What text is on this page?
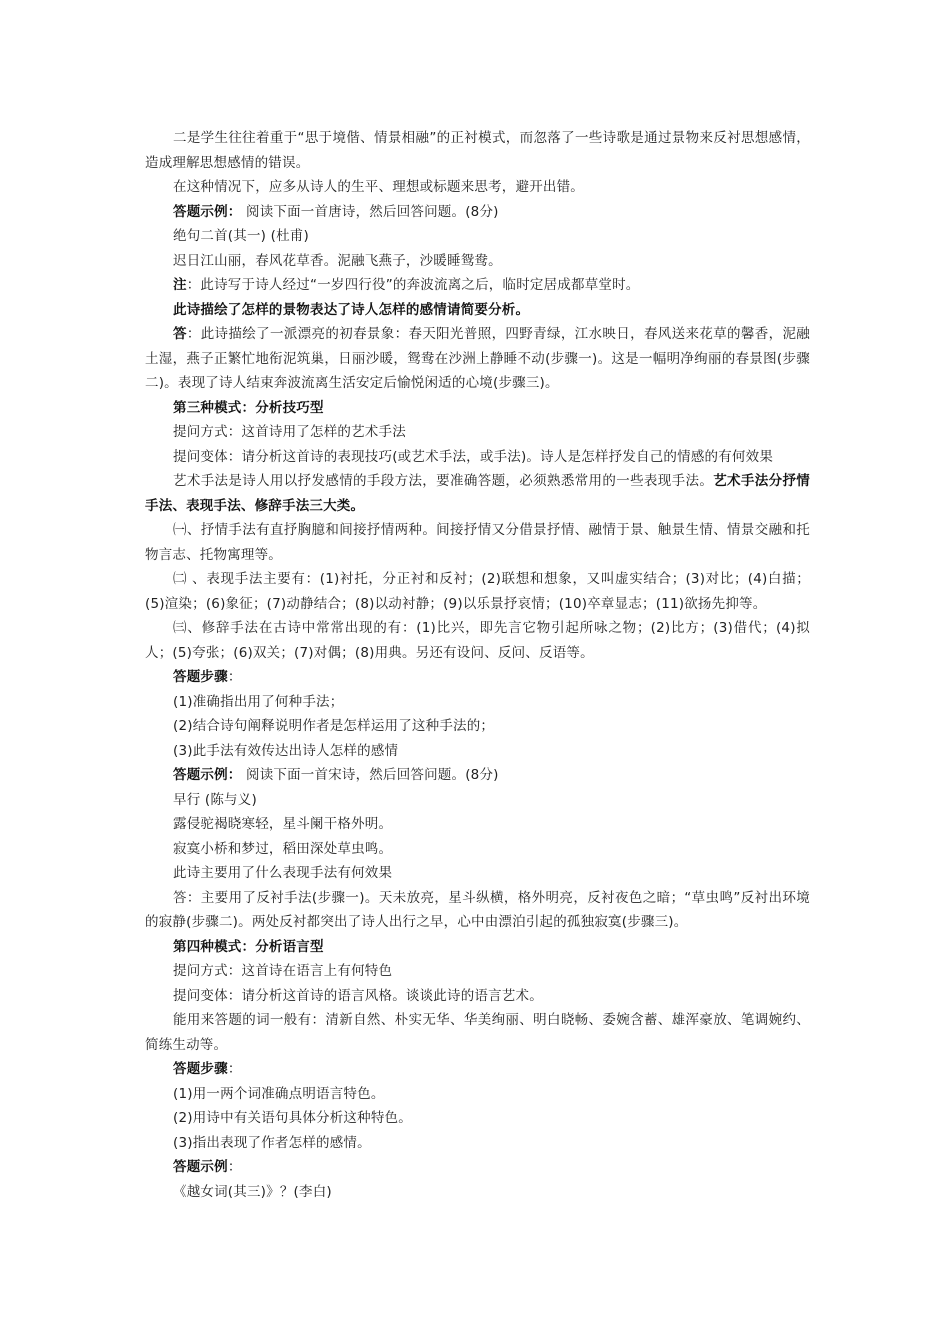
二是学生往往着重于“思于境偕、情景相融”的正衬模式，而忽落了一些诗歌是通过景物来反衬思想感情，造成理解思想感情的错误。

在这种情况下，应多从诗人的生平、理想或标题来思考，避开出错。

答题示例： 阅读下面一首唐诗，然后回答问题。(8分)

绝句二首(其一) (杜甫)

迟日江山丽，春风花草香。泥融飞燕子，沙暖睡鸳鸯。

注：此诗写于诗人经过“一岁四行役”的奔波流离之后，临时定居成都草堂时。

此诗描绘了怎样的景物表达了诗人怎样的感情请简要分析。

答：此诗描绘了一派漂亮的初春景象：春天阳光普照，四野青绿，江水映日，春风送来花草的馨香，泥融土湿，燕子正繁忙地衔泥筑巢，日丽沙暖，鸳鸯在沙洲上静睡不动(步骤一)。这是一幅明净绚丽的春景图(步骤二)。表现了诗人结束奔波流离生活安定后愉悦闲适的心境(步骤三)。

第三种模式：分析技巧型

提问方式：这首诗用了怎样的艺术手法

提问变体：请分析这首诗的表现技巧(或艺术手法，或手法)。诗人是怎样抒发自己的情感的有何效果

艺术手法是诗人用以抒发感情的手段方法，要准确答题，必须熟悉常用的一些表现手法。艺术手法分抒情手法、表现手法、修辞手法三大类。

㈠、抒情手法有直抒胸臆和间接抒情两种。间接抒情又分借景抒情、融情于景、触景生情、情景交融和托物言志、托物寓理等。

㈡ 、表现手法主要有：(1)衬托，分正衬和反衬；(2)联想和想象，又叫虚实结合；(3)对比；(4)白描；(5)渲染；(6)象征；(7)动静结合；(8)以动衬静；(9)以乐景抒哀情；(10)卒章显志；(11)欲扬先抑等。

㈢、修辞手法在古诗中常常出现的有：(1)比兴，即先言它物引起所咏之物；(2)比方；(3)借代；(4)拟人；(5)夸张；(6)双关；(7)对偶；(8)用典。另还有设问、反问、反语等。

答题步骤：

(1)准确指出用了何种手法；

(2)结合诗句阐释说明作者是怎样运用了这种手法的；

(3)此手法有效传达出诗人怎样的感情

答题示例： 阅读下面一首宋诗，然后回答问题。(8分)

早行 (陈与义)

露侵驼褐晓寒轻，星斗阑干格外明。

寂寞小桥和梦过，稻田深处草虫鸣。

此诗主要用了什么表现手法有何效果

答：主要用了反衬手法(步骤一)。天未放亮，星斗纵横，格外明亮，反衬夜色之暗；“草虫鸣”反衬出环境的寂静(步骤二)。两处反衬都突出了诗人出行之早，心中由漂泊引起的孤独寂寞(步骤三)。

第四种模式：分析语言型

提问方式：这首诗在语言上有何特色

提问变体：请分析这首诗的语言风格。谈谈此诗的语言艺术。

能用来答题的词一般有：清新自然、朴实无华、华美绚丽、明白晓畅、委婉含蓄、雄浑豪放、笔调婉约、简练生动等。

答题步骤：

(1)用一两个词准确点明语言特色。

(2)用诗中有关语句具体分析这种特色。

(3)指出表现了作者怎样的感情。

答题示例：

《越女词(其三)》？(李白)
